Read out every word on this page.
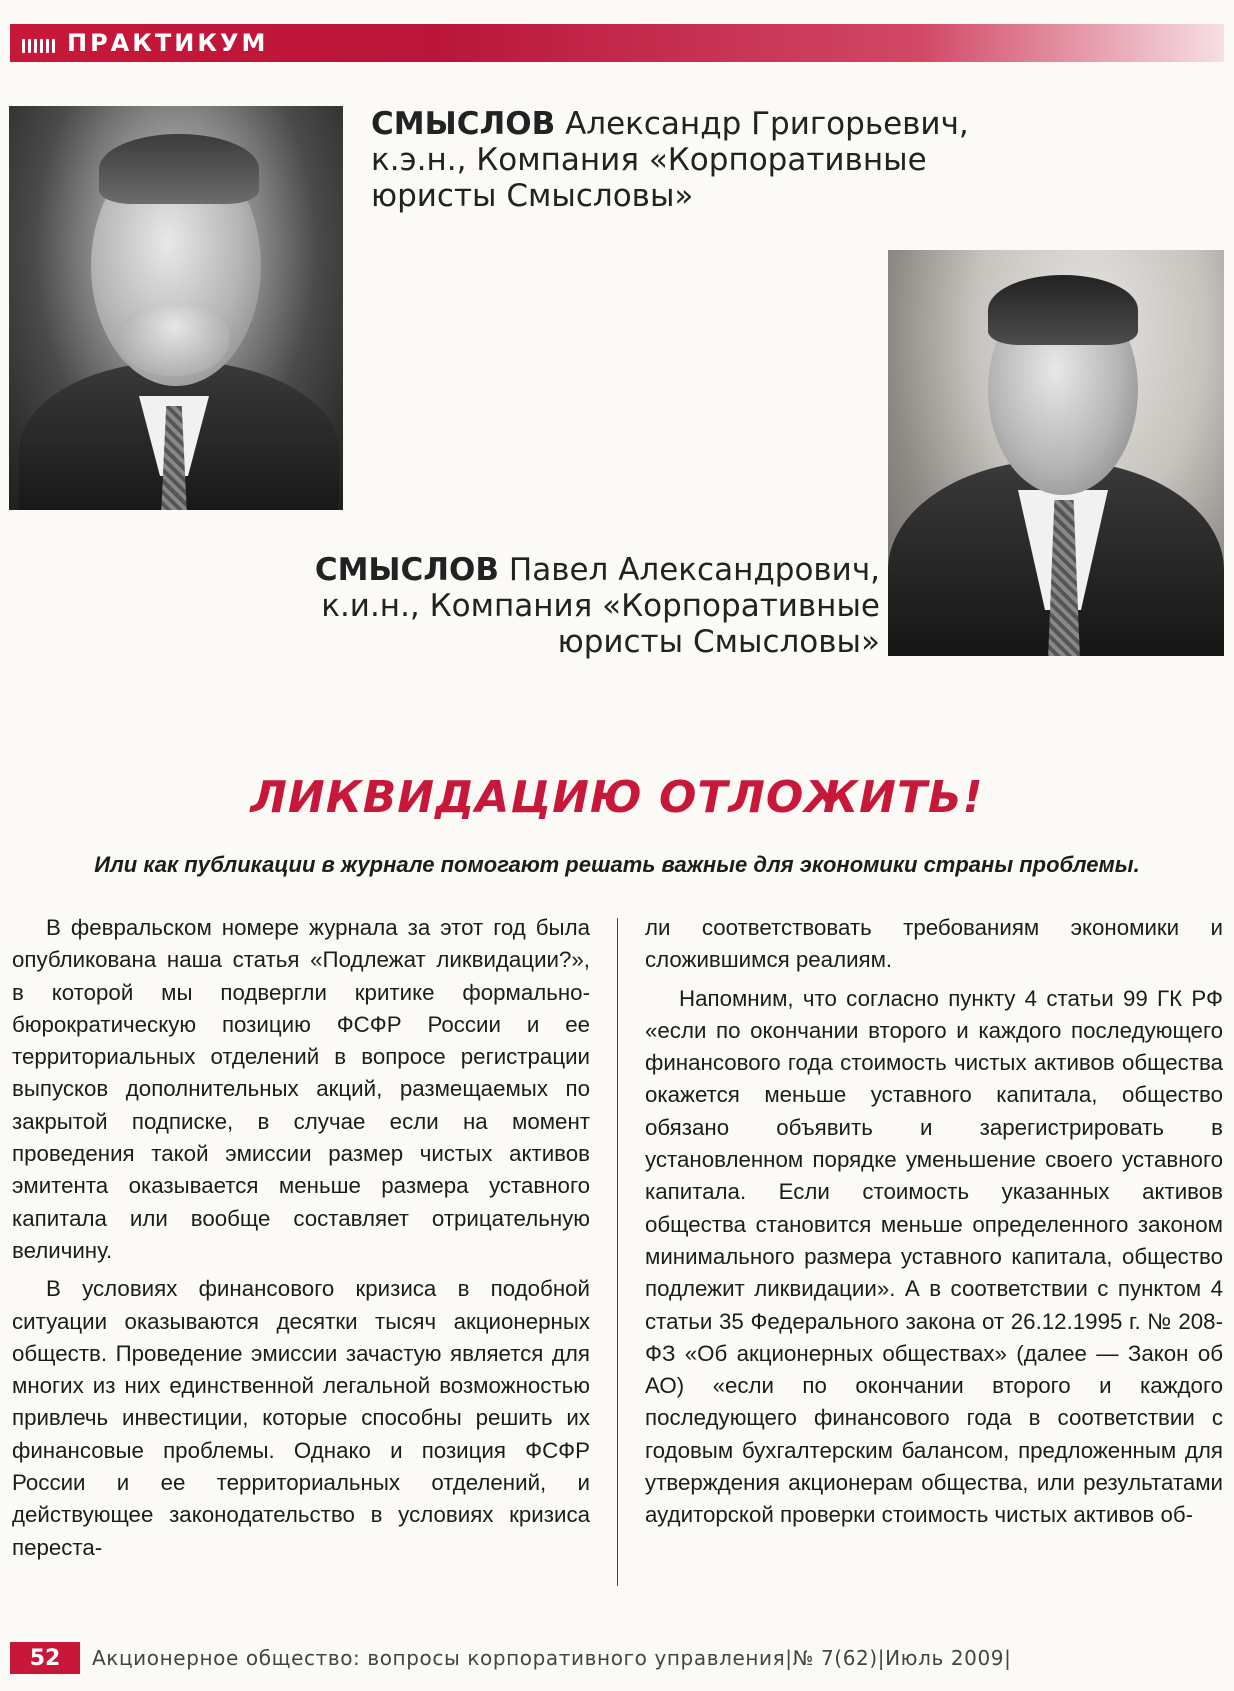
ПРАКТИКУМ
СМЫСЛОВ Александр Григорьевич,
к.э.н., Компания «Корпоративные
юристы Смысловы»
СМЫСЛОВ Павел Александрович,
к.и.н., Компания «Корпоративные
юристы Смысловы»
ЛИКВИДАЦИЮ ОТЛОЖИТЬ!
Или как публикации в журнале помогают решать важные для экономики страны проблемы.

В февральском номере журнала за этот год была опубликована наша статья «Подлежат ликвидации?», в которой мы подвергли критике формально-бюрократическую позицию ФСФР России и ее территориальных отделений в вопросе регистрации выпусков дополнительных акций, размещаемых по закрытой подписке, в случае если на момент проведения такой эмиссии размер чистых активов эмитента оказывается меньше размера уставного капитала или вообще составляет отрицательную величину.

В условиях финансового кризиса в подобной ситуации оказываются десятки тысяч акционерных обществ. Проведение эмиссии зачастую является для многих из них единственной легальной возможностью привлечь инвестиции, которые способны решить их финансовые проблемы. Однако и позиция ФСФР России и ее территориальных отделений, и действующее законодательство в условиях кризиса переста-

ли соответствовать требованиям экономики и сложившимся реалиям.

Напомним, что согласно пункту 4 статьи 99 ГК РФ «если по окончании второго и каждого последующего финансового года стоимость чистых активов общества окажется меньше уставного капитала, общество обязано объявить и зарегистрировать в установленном порядке уменьшение своего уставного капитала. Если стоимость указанных активов общества становится меньше определенного законом минимального размера уставного капитала, общество подлежит ликвидации». А в соответствии с пунктом 4 статьи 35 Федерального закона от 26.12.1995 г. № 208-ФЗ «Об акционерных обществах» (далее — Закон об АО) «если по окончании второго и каждого последующего финансового года в соответствии с годовым бухгалтерским балансом, предложенным для утверждения акционерам общества, или результатами аудиторской проверки стоимость чистых активов об-

52	Акционерное общество: вопросы корпоративного управления|№ 7(62)|Июль 2009|
